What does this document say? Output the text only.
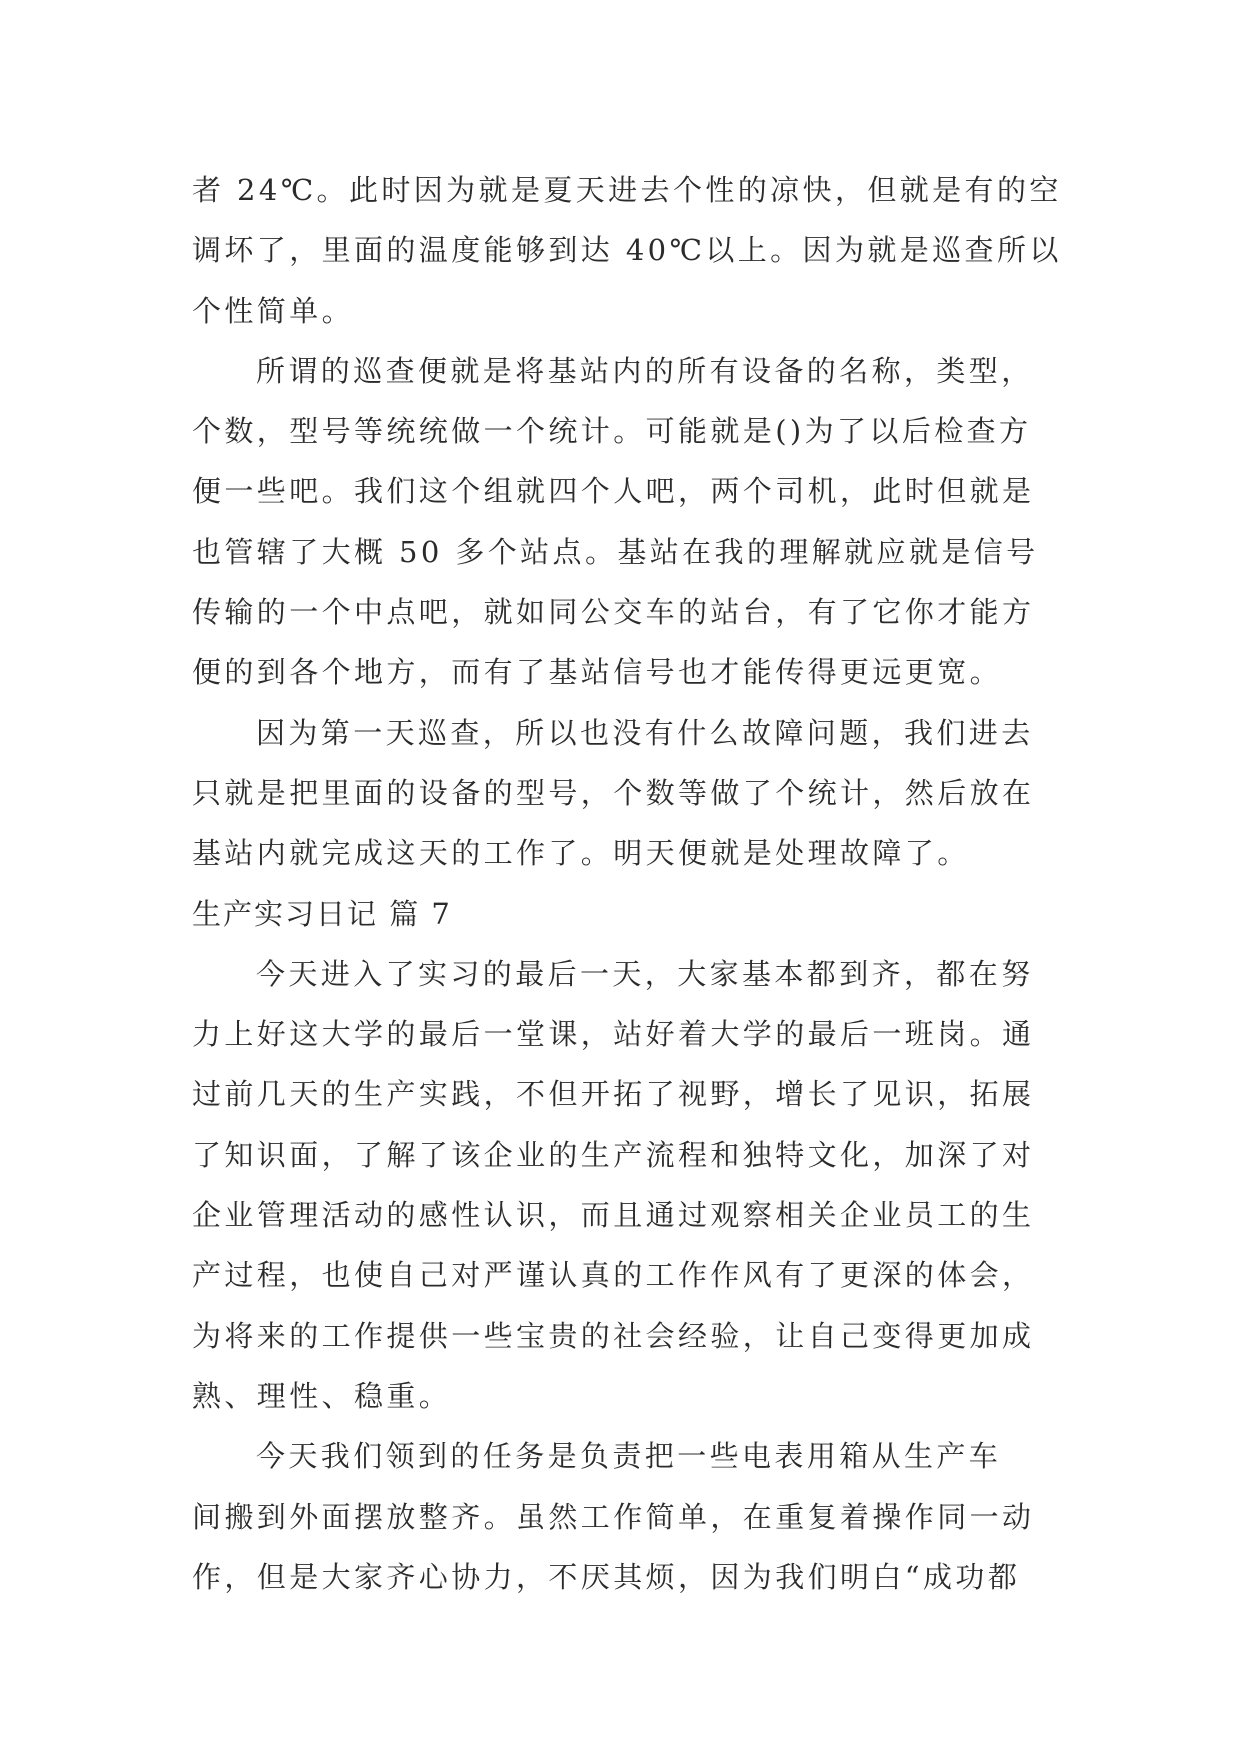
者 24℃。此时因为就是夏天进去个性的凉快，但就是有的空
调坏了，里面的温度能够到达 40℃以上。因为就是巡查所以
个性简单。
所谓的巡查便就是将基站内的所有设备的名称，类型，
个数，型号等统统做一个统计。可能就是()为了以后检查方
便一些吧。我们这个组就四个人吧，两个司机，此时但就是
也管辖了大概 50 多个站点。基站在我的理解就应就是信号
传输的一个中点吧，就如同公交车的站台，有了它你才能方
便的到各个地方，而有了基站信号也才能传得更远更宽。
因为第一天巡查，所以也没有什么故障问题，我们进去
只就是把里面的设备的型号，个数等做了个统计，然后放在
基站内就完成这天的工作了。明天便就是处理故障了。
生产实习日记 篇 7
今天进入了实习的最后一天，大家基本都到齐，都在努
力上好这大学的最后一堂课，站好着大学的最后一班岗。通
过前几天的生产实践，不但开拓了视野，增长了见识，拓展
了知识面，了解了该企业的生产流程和独特文化，加深了对
企业管理活动的感性认识，而且通过观察相关企业员工的生
产过程，也使自己对严谨认真的工作作风有了更深的体会，
为将来的工作提供一些宝贵的社会经验，让自己变得更加成
熟、理性、稳重。
今天我们领到的任务是负责把一些电表用箱从生产车
间搬到外面摆放整齐。虽然工作简单，在重复着操作同一动
作，但是大家齐心协力，不厌其烦，因为我们明白“成功都
